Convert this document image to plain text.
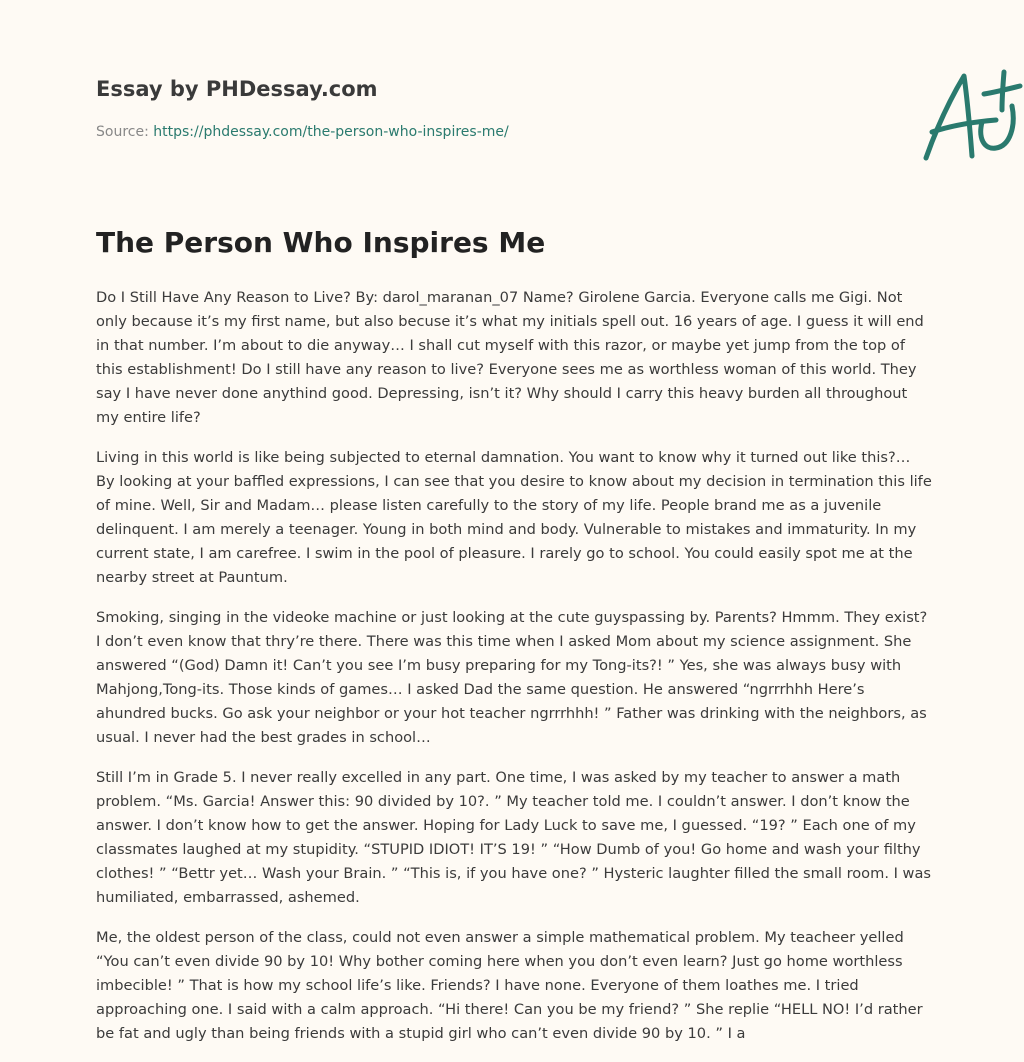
Essay by PHDessay.com
Source: https://phdessay.com/the-person-who-inspires-me/
The Person Who Inspires Me

Do I Still Have Any Reason to Live? By: darol_maranan_07 Name? Girolene Garcia. Everyone calls me Gigi. Not only because it’s my first name, but also becuse it’s what my initials spell out. 16 years of age. I guess it will end in that number. I’m about to die anyway… I shall cut myself with this razor, or maybe yet jump from the top of this establishment! Do I still have any reason to live? Everyone sees me as worthless woman of this world. They say I have never done anythind good. Depressing, isn’t it? Why should I carry this heavy burden all throughout my entire life?

Living in this world is like being subjected to eternal damnation. You want to know why it turned out like this?… By looking at your baffled expressions, I can see that you desire to know about my decision in termination this life of mine. Well, Sir and Madam… please listen carefully to the story of my life. People brand me as a juvenile delinquent. I am merely a teenager. Young in both mind and body. Vulnerable to mistakes and immaturity. In my current state, I am carefree. I swim in the pool of pleasure. I rarely go to school. You could easily spot me at the nearby street at Pauntum.

Smoking, singing in the videoke machine or just looking at the cute guyspassing by. Parents? Hmmm. They exist? I don’t even know that thry’re there. There was this time when I asked Mom about my science assignment. She answered “(God) Damn it! Can’t you see I’m busy preparing for my Tong-its?! ” Yes, she was always busy with Mahjong,Tong-its. Those kinds of games… I asked Dad the same question. He answered “ngrrrhhh Here’s ahundred bucks. Go ask your neighbor or your hot teacher ngrrrhhh! ” Father was drinking with the neighbors, as usual. I never had the best grades in school…

Still I’m in Grade 5. I never really excelled in any part. One time, I was asked by my teacher to answer a math problem. “Ms. Garcia! Answer this: 90 divided by 10?. ” My teacher told me. I couldn’t answer. I don’t know the answer. I don’t know how to get the answer. Hoping for Lady Luck to save me, I guessed. “19? ” Each one of my classmates laughed at my stupidity. “STUPID IDIOT! IT’S 19! ” “How Dumb of you! Go home and wash your filthy clothes! ” “Bettr yet… Wash your Brain. ” “This is, if you have one? ” Hysteric laughter filled the small room. I was humiliated, embarrassed, ashemed.

Me, the oldest person of the class, could not even answer a simple mathematical problem. My teacheer yelled “You can’t even divide 90 by 10! Why bother coming here when you don’t even learn? Just go home worthless imbecible! ” That is how my school life’s like. Friends? I have none. Everyone of them loathes me. I tried approaching one. I said with a calm approach. “Hi there! Can you be my friend? ” She replie “HELL NO! I’d rather be fat and ugly than being friends with a stupid girl who can’t even divide 90 by 10. ” I a
